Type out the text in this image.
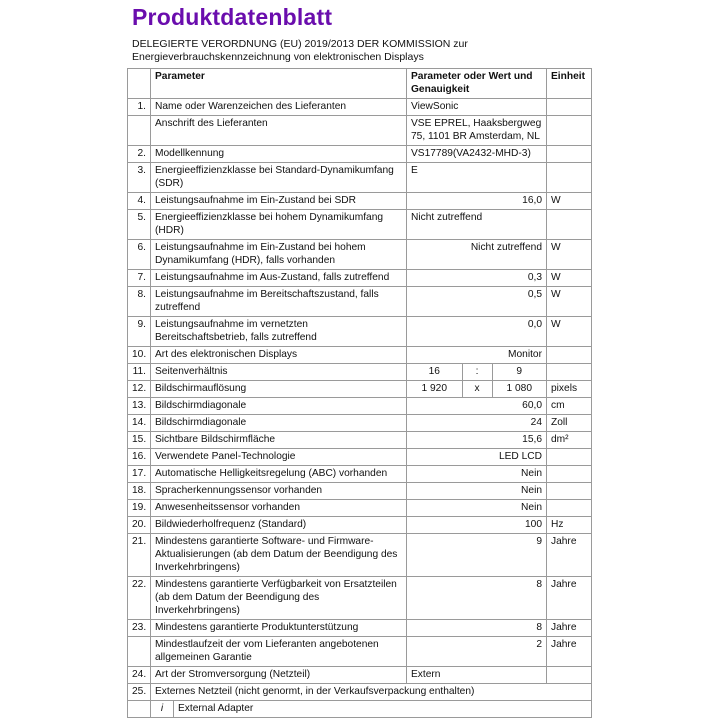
Produktdatenblatt
DELEGIERTE VERORDNUNG (EU) 2019/2013 DER KOMMISSION zur
Energieverbrauchskennzeichnung von elektronischen Displays
	Parameter	Parameter oder Wert und Genauigkeit	Einheit
1.	Name oder Warenzeichen des Lieferanten	ViewSonic	
	Anschrift des Lieferanten	VSE EPREL, Haaksbergweg 75, 1101 BR Amsterdam, NL	
2.	Modellkennung	VS17789(VA2432-MHD-3)	
3.	Energieeffizienzklasse bei Standard-Dynamikumfang (SDR)	E	
4.	Leistungsaufnahme im Ein-Zustand bei SDR	16,0	W
5.	Energieeffizienzklasse bei hohem Dynamikumfang (HDR)	Nicht zutreffend	
6.	Leistungsaufnahme im Ein-Zustand bei hohem Dynamikumfang (HDR), falls vorhanden	Nicht zutreffend	W
7.	Leistungsaufnahme im Aus-Zustand, falls zutreffend	0,3	W
8.	Leistungsaufnahme im Bereitschaftszustand, falls zutreffend	0,5	W
9.	Leistungsaufnahme im vernetzten Bereitschaftsbetrieb, falls zutreffend	0,0	W
10.	Art des elektronischen Displays	Monitor	
11.	Seitenverhältnis	16 : 9	

12.	Bildschirmauflösung	1 920 x 1 080	pixels
13.	Bildschirmdiagonale	60,0	cm
14.	Bildschirmdiagonale	24	Zoll
15.	Sichtbare Bildschirmfläche	15,6	dm²
16.	Verwendete Panel-Technologie	LED LCD	
17.	Automatische Helligkeitsregelung (ABC) vorhanden	Nein	
18.	Spracherkennungssensor vorhanden	Nein	
19.	Anwesenheitssensor vorhanden	Nein	
20.	Bildwiederholfrequenz (Standard)	100	Hz
21.	Mindestens garantierte Software- und Firmware-Aktualisierungen (ab dem Datum der Beendigung des Inverkehrbringens)	9	Jahre
22.	Mindestens garantierte Verfügbarkeit von Ersatzteilen (ab dem Datum der Beendigung des Inverkehrbringens)	8	Jahre
23.	Mindestens garantierte Produktunterstützung	8	Jahre
	Mindestlaufzeit der vom Lieferanten angebotenen allgemeinen Garantie	2	Jahre
24.	Art der Stromversorgung (Netzteil)	Extern	
25.	Externes Netzteil (nicht genormt, in der Verkaufsverpackung enthalten)		

	i External Adapter		
